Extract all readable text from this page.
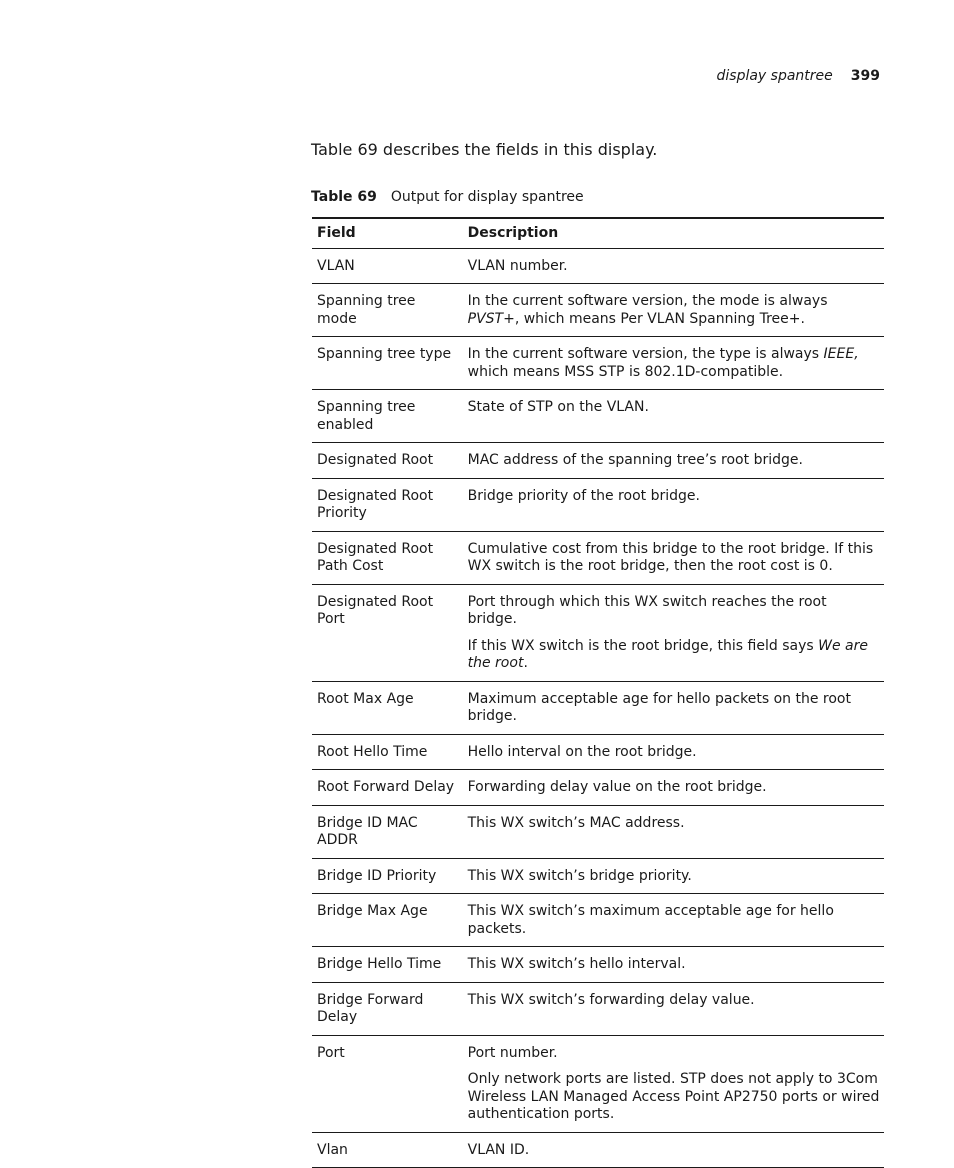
display spantree 399

Table 69 describes the fields in this display.

Table 69 Output for display spantree

Field	Description
VLAN	VLAN number.

Spanning tree mode	In the current software version, the mode is always PVST+, which means Per VLAN Spanning Tree+.

Spanning tree type	In the current software version, the type is always IEEE, which means MSS STP is 802.1D-compatible.

Spanning tree enabled	State of STP on the VLAN.

Designated Root	MAC address of the spanning tree’s root bridge.

Designated Root Priority	Bridge priority of the root bridge.

Designated Root Path Cost	Cumulative cost from this bridge to the root bridge. If this WX switch is the root bridge, then the root cost is 0.

Designated Root Port	Port through which this WX switch reaches the root bridge.

If this WX switch is the root bridge, this field says We are the root.

Root Max Age	Maximum acceptable age for hello packets on the root bridge.

Root Hello Time	Hello interval on the root bridge.

Root Forward Delay	Forwarding delay value on the root bridge.

Bridge ID MAC ADDR	This WX switch’s MAC address.

Bridge ID Priority	This WX switch’s bridge priority.

Bridge Max Age	This WX switch’s maximum acceptable age for hello packets.

Bridge Hello Time	This WX switch’s hello interval.

Bridge Forward Delay	This WX switch’s forwarding delay value.

Port	Port number.

Only network ports are listed. STP does not apply to 3Com Wireless LAN Managed Access Point AP2750 ports or wired authentication ports.

Vlan	VLAN ID.
